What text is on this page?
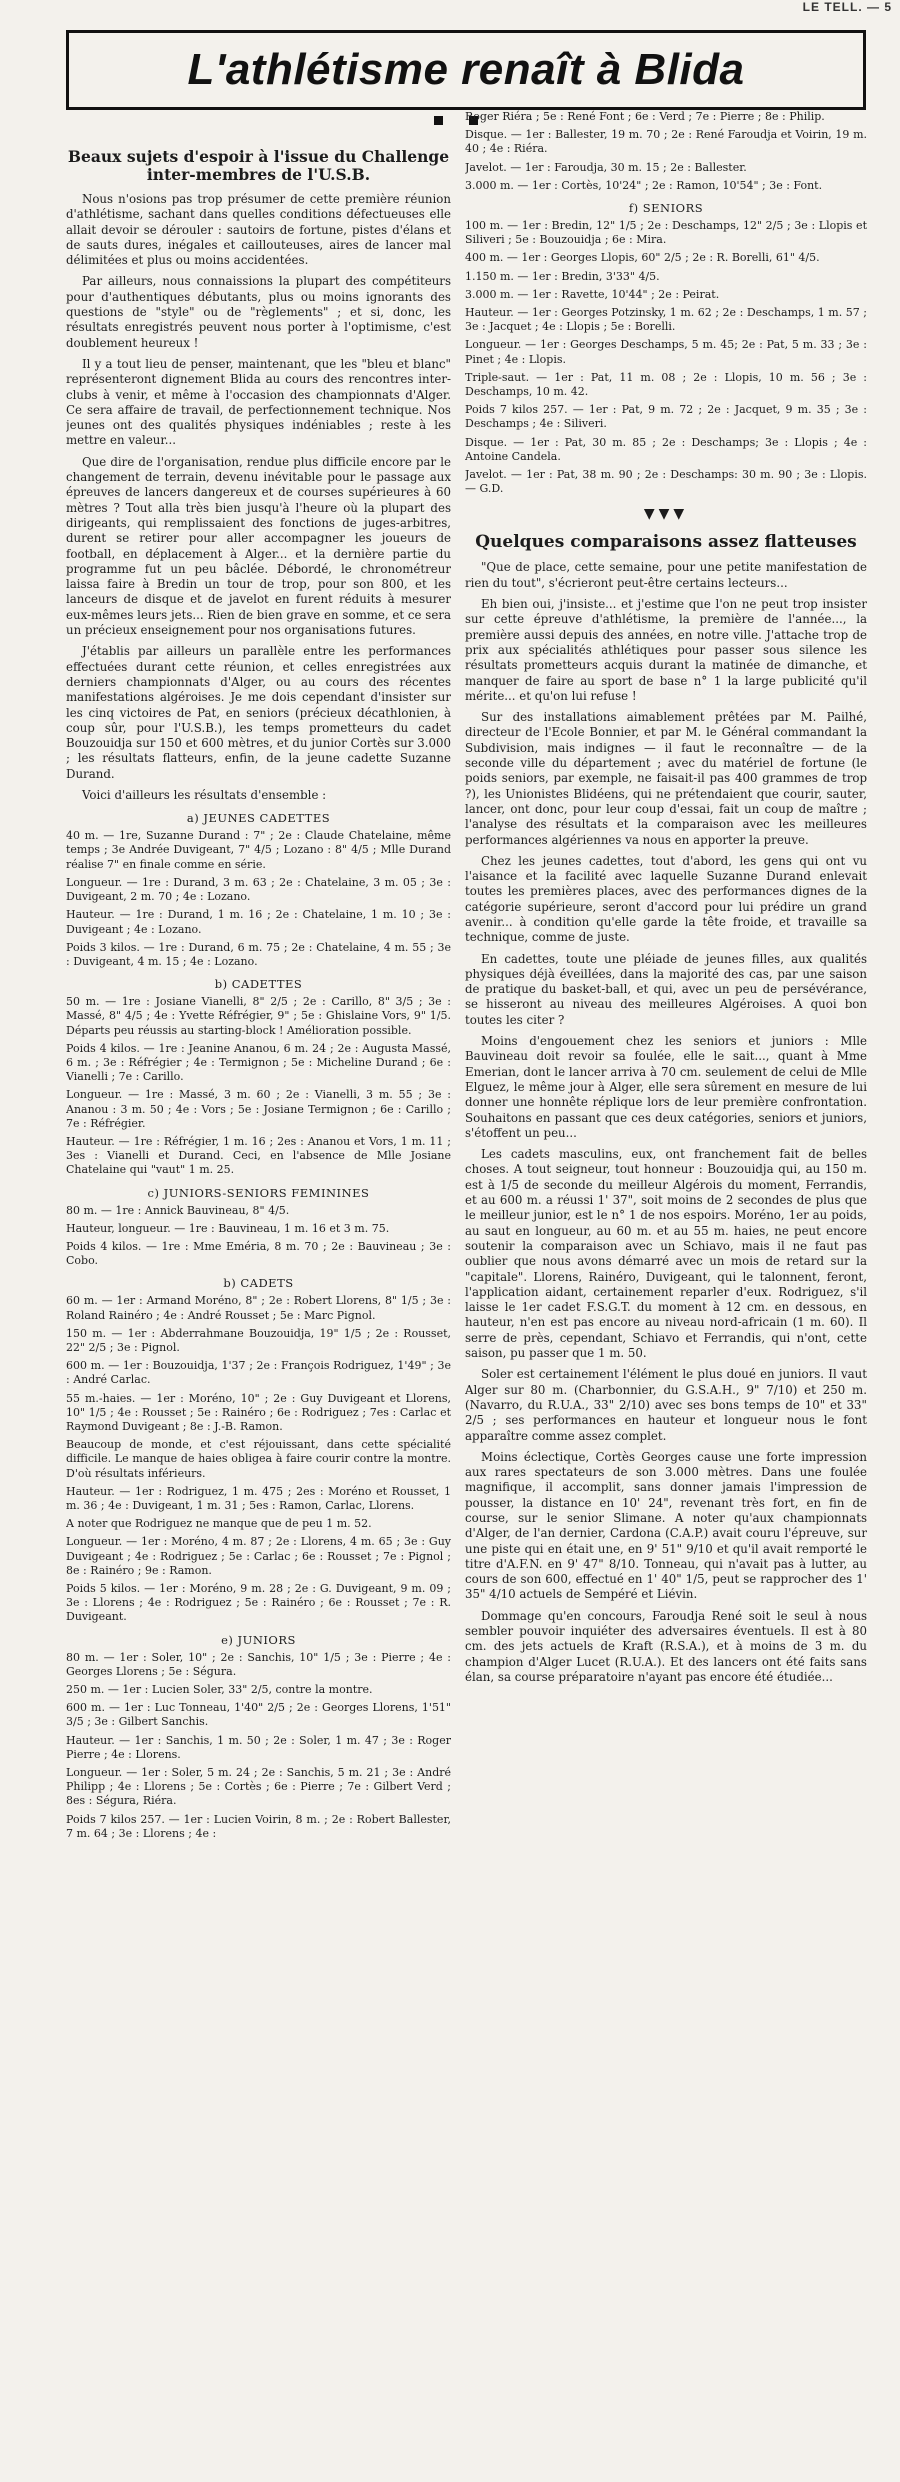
LE TELL. — 5
L'athlétisme renaît à Blida
Beaux sujets d'espoir à l'issue du Challenge inter-membres de l'U.S.B.

Nous n'osions pas trop présumer de cette première réunion d'athlétisme, sachant dans quelles conditions défectueuses elle allait devoir se dérouler : sautoirs de fortune, pistes d'élans et de sauts dures, inégales et caillouteuses, aires de lancer mal délimitées et plus ou moins accidentées.

Par ailleurs, nous connaissions la plupart des compétiteurs pour d'authentiques débutants, plus ou moins ignorants des questions de "style" ou de "règlements" ; et si, donc, les résultats enregistrés peuvent nous porter à l'optimisme, c'est doublement heureux !

Il y a tout lieu de penser, maintenant, que les "bleu et blanc" représenteront dignement Blida au cours des rencontres inter-clubs à venir, et même à l'occasion des championnats d'Alger. Ce sera affaire de travail, de perfectionnement technique. Nos jeunes ont des qualités physiques indéniables ; reste à les mettre en valeur...

Que dire de l'organisation, rendue plus difficile encore par le changement de terrain, devenu inévitable pour le passage aux épreuves de lancers dangereux et de courses supérieures à 60 mètres ? Tout alla très bien jusqu'à l'heure où la plupart des dirigeants, qui remplissaient des fonctions de juges-arbitres, durent se retirer pour aller accompagner les joueurs de football, en déplacement à Alger... et la dernière partie du programme fut un peu bâclée. Débordé, le chronométreur laissa faire à Bredin un tour de trop, pour son 800, et les lanceurs de disque et de javelot en furent réduits à mesurer eux-mêmes leurs jets... Rien de bien grave en somme, et ce sera un précieux enseignement pour nos organisations futures.

J'établis par ailleurs un parallèle entre les performances effectuées durant cette réunion, et celles enregistrées aux derniers championnats d'Alger, ou au cours des récentes manifestations algéroises. Je me dois cependant d'insister sur les cinq victoires de Pat, en seniors (précieux décathlonien, à coup sûr, pour l'U.S.B.), les temps prometteurs du cadet Bouzouidja sur 150 et 600 mètres, et du junior Cortès sur 3.000 ; les résultats flatteurs, enfin, de la jeune cadette Suzanne Durand.

Voici d'ailleurs les résultats d'ensemble :

a) JEUNES CADETTES

40 m. — 1re, Suzanne Durand : 7" ; 2e : Claude Chatelaine, même temps ; 3e Andrée Duvigeant, 7" 4/5 ; Lozano : 8" 4/5 ; Mlle Durand réalise 7" en finale comme en série.

Longueur. — 1re : Durand, 3 m. 63 ; 2e : Chatelaine, 3 m. 05 ; 3e : Duvigeant, 2 m. 70 ; 4e : Lozano.

Hauteur. — 1re : Durand, 1 m. 16 ; 2e : Chatelaine, 1 m. 10 ; 3e : Duvigeant ; 4e : Lozano.

Poids 3 kilos. — 1re : Durand, 6 m. 75 ; 2e : Chatelaine, 4 m. 55 ; 3e : Duvigeant, 4 m. 15 ; 4e : Lozano.

b) CADETTES

50 m. — 1re : Josiane Vianelli, 8" 2/5 ; 2e : Carillo, 8" 3/5 ; 3e : Massé, 8" 4/5 ; 4e : Yvette Réfrégier, 9" ; 5e : Ghislaine Vors, 9" 1/5. Départs peu réussis au starting-block ! Amélioration possible.

Poids 4 kilos. — 1re : Jeanine Ananou, 6 m. 24 ; 2e : Augusta Massé, 6 m. ; 3e : Réfrégier ; 4e : Termignon ; 5e : Micheline Durand ; 6e : Vianelli ; 7e : Carillo.

Longueur. — 1re : Massé, 3 m. 60 ; 2e : Vianelli, 3 m. 55 ; 3e : Ananou : 3 m. 50 ; 4e : Vors ; 5e : Josiane Termignon ; 6e : Carillo ; 7e : Réfrégier.

Hauteur. — 1re : Réfrégier, 1 m. 16 ; 2es : Ananou et Vors, 1 m. 11 ; 3es : Vianelli et Durand. Ceci, en l'absence de Mlle Josiane Chatelaine qui "vaut" 1 m. 25.

c) JUNIORS-SENIORS FEMININES

80 m. — 1re : Annick Bauvineau, 8" 4/5.

Hauteur, longueur. — 1re : Bauvineau, 1 m. 16 et 3 m. 75.

Poids 4 kilos. — 1re : Mme Eméria, 8 m. 70 ; 2e : Bauvineau ; 3e : Cobo.

b) CADETS

60 m. — 1er : Armand Moréno, 8" ; 2e : Robert Llorens, 8" 1/5 ; 3e : Roland Rainéro ; 4e : André Rousset ; 5e : Marc Pignol.

150 m. — 1er : Abderrahmane Bouzouidja, 19" 1/5 ; 2e : Rousset, 22" 2/5 ; 3e : Pignol.

600 m. — 1er : Bouzouidja, 1'37 ; 2e : François Rodriguez, 1'49" ; 3e : André Carlac.

55 m.-haies. — 1er : Moréno, 10" ; 2e : Guy Duvigeant et Llorens, 10" 1/5 ; 4e : Rousset ; 5e : Rainéro ; 6e : Rodriguez ; 7es : Carlac et Raymond Duvigeant ; 8e : J.-B. Ramon.

Beaucoup de monde, et c'est réjouissant, dans cette spécialité difficile. Le manque de haies obligea à faire courir contre la montre. D'où résultats inférieurs.

Hauteur. — 1er : Rodriguez, 1 m. 475 ; 2es : Moréno et Rousset, 1 m. 36 ; 4e : Duvigeant, 1 m. 31 ; 5es : Ramon, Carlac, Llorens.

A noter que Rodriguez ne manque que de peu 1 m. 52.

Longueur. — 1er : Moréno, 4 m. 87 ; 2e : Llorens, 4 m. 65 ; 3e : Guy Duvigeant ; 4e : Rodriguez ; 5e : Carlac ; 6e : Rousset ; 7e : Pignol ; 8e : Rainéro ; 9e : Ramon.

Poids 5 kilos. — 1er : Moréno, 9 m. 28 ; 2e : G. Duvigeant, 9 m. 09 ; 3e : Llorens ; 4e : Rodriguez ; 5e : Rainéro ; 6e : Rousset ; 7e : R. Duvigeant.

e) JUNIORS

80 m. — 1er : Soler, 10" ; 2e : Sanchis, 10" 1/5 ; 3e : Pierre ; 4e : Georges Llorens ; 5e : Ségura.

250 m. — 1er : Lucien Soler, 33" 2/5, contre la montre.

600 m. — 1er : Luc Tonneau, 1'40" 2/5 ; 2e : Georges Llorens, 1'51" 3/5 ; 3e : Gilbert Sanchis.

Hauteur. — 1er : Sanchis, 1 m. 50 ; 2e : Soler, 1 m. 47 ; 3e : Roger Pierre ; 4e : Llorens.

Longueur. — 1er : Soler, 5 m. 24 ; 2e : Sanchis, 5 m. 21 ; 3e : André Philipp ; 4e : Llorens ; 5e : Cortès ; 6e : Pierre ; 7e : Gilbert Verd ; 8es : Ségura, Riéra.

Poids 7 kilos 257. — 1er : Lucien Voirin, 8 m. ; 2e : Robert Ballester, 7 m. 64 ; 3e : Llorens ; 4e :

Roger Riéra ; 5e : René Font ; 6e : Verd ; 7e : Pierre ; 8e : Philip.

Disque. — 1er : Ballester, 19 m. 70 ; 2e : René Faroudja et Voirin, 19 m. 40 ; 4e : Riéra.

Javelot. — 1er : Faroudja, 30 m. 15 ; 2e : Ballester.

3.000 m. — 1er : Cortès, 10'24" ; 2e : Ramon, 10'54" ; 3e : Font.

f) SENIORS

100 m. — 1er : Bredin, 12" 1/5 ; 2e : Deschamps, 12" 2/5 ; 3e : Llopis et Siliveri ; 5e : Bouzouidja ; 6e : Mira.

400 m. — 1er : Georges Llopis, 60" 2/5 ; 2e : R. Borelli, 61" 4/5.

1.150 m. — 1er : Bredin, 3'33" 4/5.

3.000 m. — 1er : Ravette, 10'44" ; 2e : Peirat.

Hauteur. — 1er : Georges Potzinsky, 1 m. 62 ; 2e : Deschamps, 1 m. 57 ; 3e : Jacquet ; 4e : Llopis ; 5e : Borelli.

Longueur. — 1er : Georges Deschamps, 5 m. 45; 2e : Pat, 5 m. 33 ; 3e : Pinet ; 4e : Llopis.

Triple-saut. — 1er : Pat, 11 m. 08 ; 2e : Llopis, 10 m. 56 ; 3e : Deschamps, 10 m. 42.

Poids 7 kilos 257. — 1er : Pat, 9 m. 72 ; 2e : Jacquet, 9 m. 35 ; 3e : Deschamps ; 4e : Siliveri.

Disque. — 1er : Pat, 30 m. 85 ; 2e : Deschamps; 3e : Llopis ; 4e : Antoine Candela.

Javelot. — 1er : Pat, 38 m. 90 ; 2e : Deschamps: 30 m. 90 ; 3e : Llopis. — G.D.

▼▼▼
Quelques comparaisons assez flatteuses

"Que de place, cette semaine, pour une petite manifestation de rien du tout", s'écrieront peut-être certains lecteurs...

Eh bien oui, j'insiste... et j'estime que l'on ne peut trop insister sur cette épreuve d'athlétisme, la première de l'année..., la première aussi depuis des années, en notre ville. J'attache trop de prix aux spécialités athlétiques pour passer sous silence les résultats prometteurs acquis durant la matinée de dimanche, et manquer de faire au sport de base n° 1 la large publicité qu'il mérite... et qu'on lui refuse !

Sur des installations aimablement prêtées par M. Pailhé, directeur de l'Ecole Bonnier, et par M. le Général commandant la Subdivision, mais indignes — il faut le reconnaître — de la seconde ville du département ; avec du matériel de fortune (le poids seniors, par exemple, ne faisait-il pas 400 grammes de trop ?), les Unionistes Blidéens, qui ne prétendaient que courir, sauter, lancer, ont donc, pour leur coup d'essai, fait un coup de maître ; l'analyse des résultats et la comparaison avec les meilleures performances algériennes va nous en apporter la preuve.

Chez les jeunes cadettes, tout d'abord, les gens qui ont vu l'aisance et la facilité avec laquelle Suzanne Durand enlevait toutes les premières places, avec des performances dignes de la catégorie supérieure, seront d'accord pour lui prédire un grand avenir... à condition qu'elle garde la tête froide, et travaille sa technique, comme de juste.

En cadettes, toute une pléiade de jeunes filles, aux qualités physiques déjà éveillées, dans la majorité des cas, par une saison de pratique du basket-ball, et qui, avec un peu de persévérance, se hisseront au niveau des meilleures Algéroises. A quoi bon toutes les citer ?

Moins d'engouement chez les seniors et juniors : Mlle Bauvineau doit revoir sa foulée, elle le sait..., quant à Mme Emerian, dont le lancer arriva à 70 cm. seulement de celui de Mlle Elguez, le même jour à Alger, elle sera sûrement en mesure de lui donner une honnête réplique lors de leur première confrontation. Souhaitons en passant que ces deux catégories, seniors et juniors, s'étoffent un peu...

Les cadets masculins, eux, ont franchement fait de belles choses. A tout seigneur, tout honneur : Bouzouidja qui, au 150 m. est à 1/5 de seconde du meilleur Algérois du moment, Ferrandis, et au 600 m. a réussi 1' 37", soit moins de 2 secondes de plus que le meilleur junior, est le n° 1 de nos espoirs. Moréno, 1er au poids, au saut en longueur, au 60 m. et au 55 m. haies, ne peut encore soutenir la comparaison avec un Schiavo, mais il ne faut pas oublier que nous avons démarré avec un mois de retard sur la "capitale". Llorens, Rainéro, Duvigeant, qui le talonnent, feront, l'application aidant, certainement reparler d'eux. Rodriguez, s'il laisse le 1er cadet F.S.G.T. du moment à 12 cm. en dessous, en hauteur, n'en est pas encore au niveau nord-africain (1 m. 60). Il serre de près, cependant, Schiavo et Ferrandis, qui n'ont, cette saison, pu passer que 1 m. 50.

Soler est certainement l'élément le plus doué en juniors. Il vaut Alger sur 80 m. (Charbonnier, du G.S.A.H., 9" 7/10) et 250 m. (Navarro, du R.U.A., 33" 2/10) avec ses bons temps de 10" et 33" 2/5 ; ses performances en hauteur et longueur nous le font apparaître comme assez complet.

Moins éclectique, Cortès Georges cause une forte impression aux rares spectateurs de son 3.000 mètres. Dans une foulée magnifique, il accomplit, sans donner jamais l'impression de pousser, la distance en 10' 24", revenant très fort, en fin de course, sur le senior Slimane. A noter qu'aux championnats d'Alger, de l'an dernier, Cardona (C.A.P.) avait couru l'épreuve, sur une piste qui en était une, en 9' 51" 9/10 et qu'il avait remporté le titre d'A.F.N. en 9' 47" 8/10. Tonneau, qui n'avait pas à lutter, au cours de son 600, effectué en 1' 40" 1/5, peut se rapprocher des 1' 35" 4/10 actuels de Sempéré et Liévin.

Dommage qu'en concours, Faroudja René soit le seul à nous sembler pouvoir inquiéter des adversaires éventuels. Il est à 80 cm. des jets actuels de Kraft (R.S.A.), et à moins de 3 m. du champion d'Alger Lucet (R.U.A.). Et des lancers ont été faits sans élan, sa course préparatoire n'ayant pas encore été étudiée...
